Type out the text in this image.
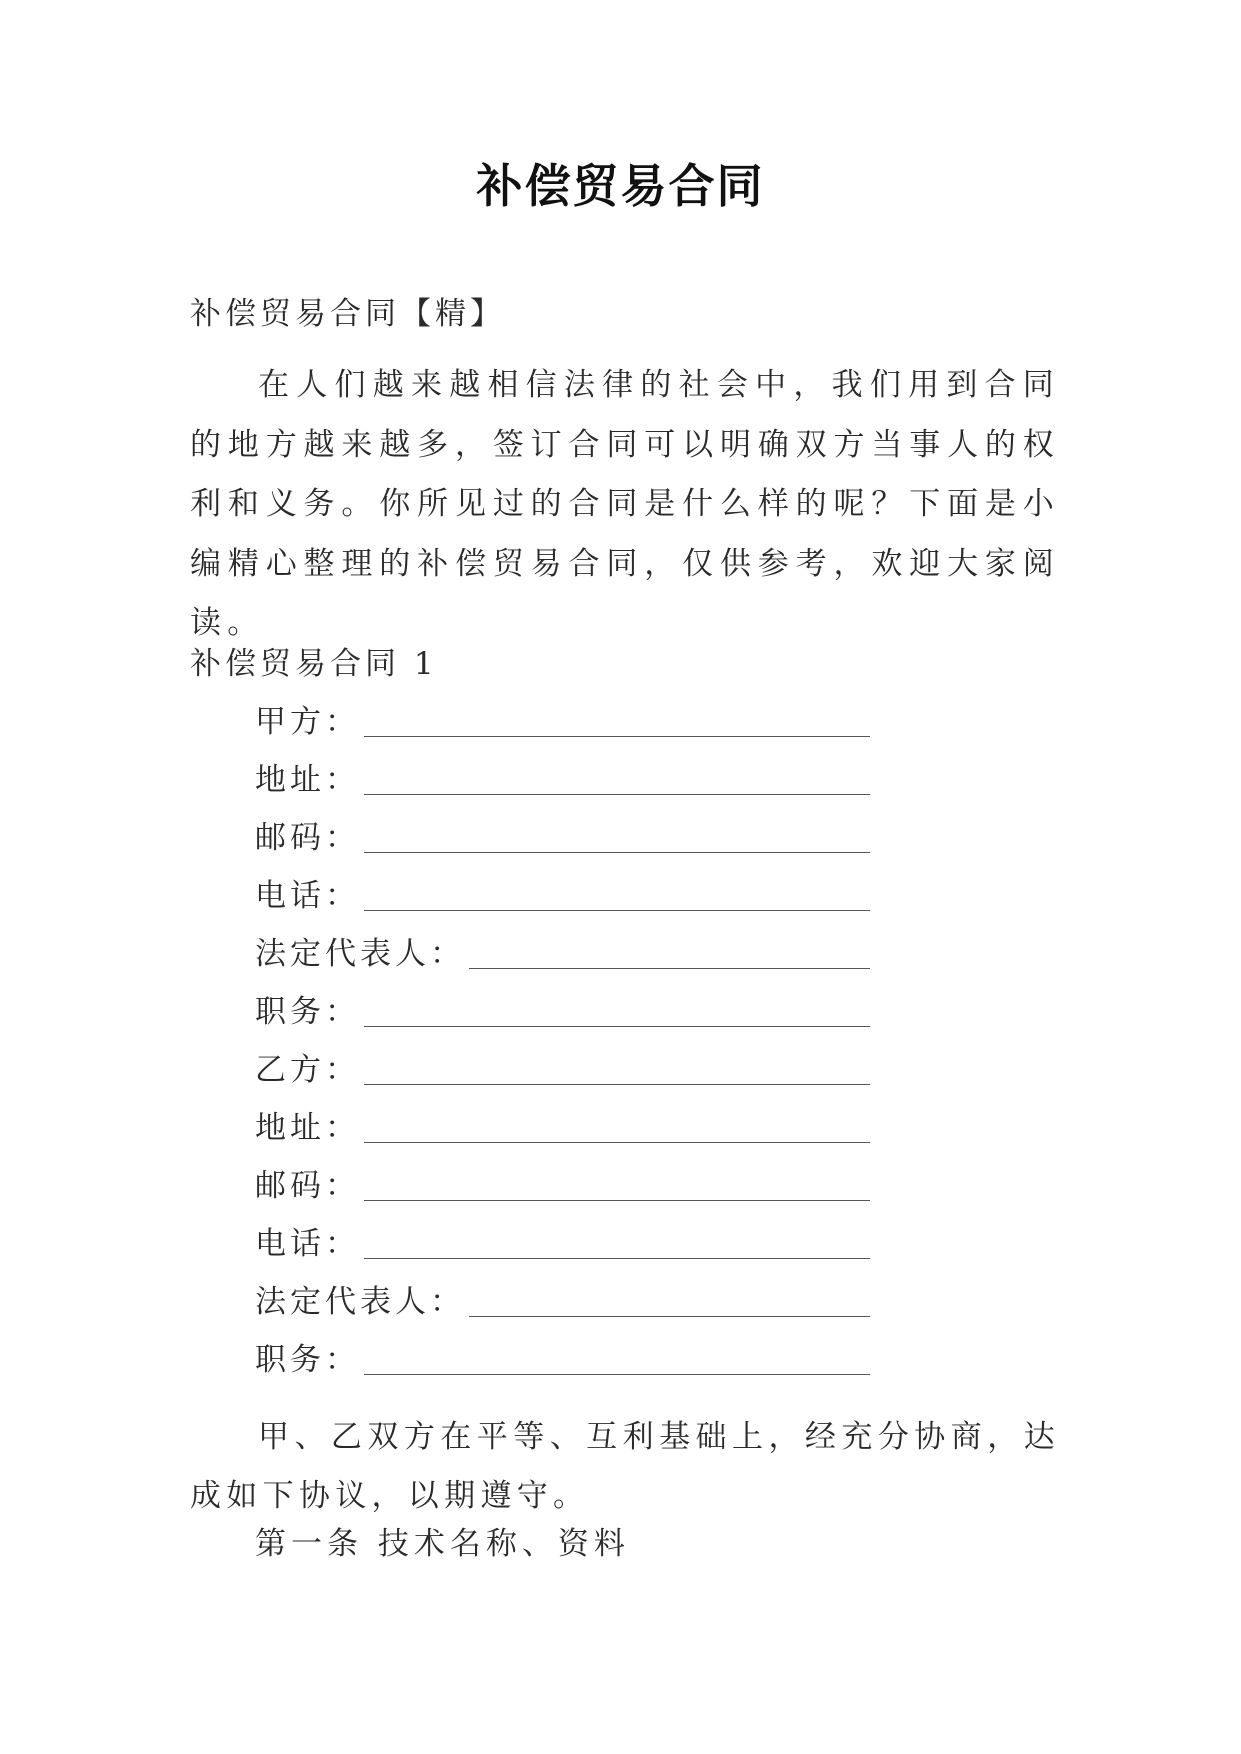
补偿贸易合同
补偿贸易合同【精】
在人们越来越相信法律的社会中，我们用到合同的地方越来越多，签订合同可以明确双方当事人的权利和义务。你所见过的合同是什么样的呢？下面是小编精心整理的补偿贸易合同，仅供参考，欢迎大家阅读。
补偿贸易合同 1
甲方：
地址：
邮码：
电话：
法定代表人：
职务：
乙方：
地址：
邮码：
电话：
法定代表人：
职务：
甲、乙双方在平等、互利基础上，经充分协商，达成如下协议，以期遵守。
第一条 技术名称、资料
